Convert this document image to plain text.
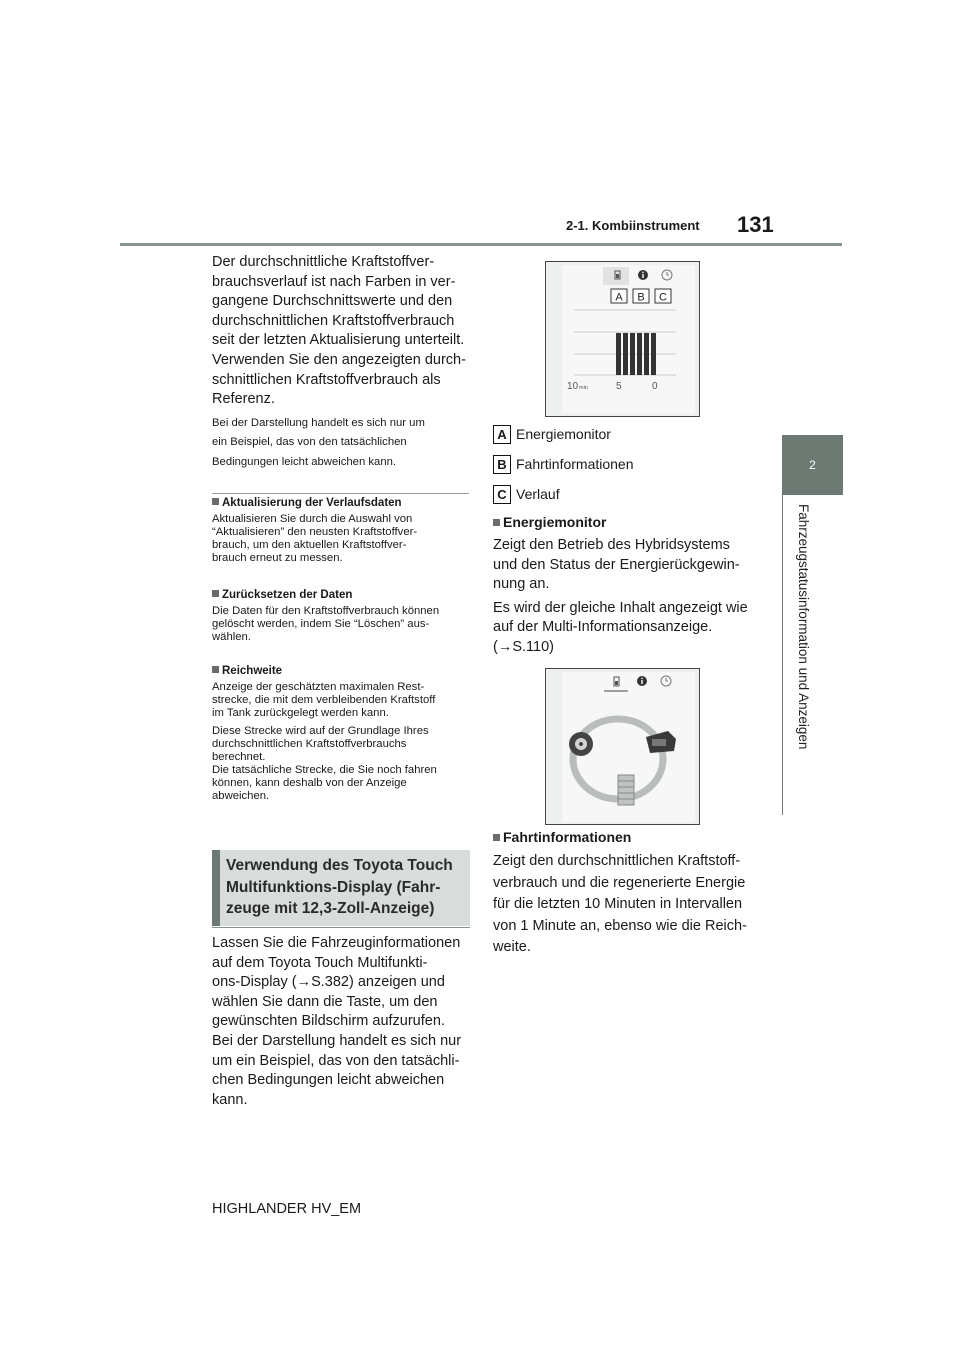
2-1. Kombiinstrument 131
2
Fahrzeugstatusinformation und Anzeigen

Der durchschnittliche Kraftstoffver-

brauchsverlauf ist nach Farben in ver-

gangene Durchschnittswerte und den

durchschnittlichen Kraftstoffverbrauch

seit der letzten Aktualisierung unterteilt.

Verwenden Sie den angezeigten durch-

schnittlichen Kraftstoffverbrauch als

Referenz.

Bei der Darstellung handelt es sich nur um

ein Beispiel, das von den tatsächlichen

Bedingungen leicht abweichen kann.

Aktualisierung der Verlaufsdaten

Aktualisieren Sie durch die Auswahl von
“Aktualisieren” den neusten Kraftstoffver-
brauch, um den aktuellen Kraftstoffver-
brauch erneut zu messen.

Zurücksetzen der Daten

Die Daten für den Kraftstoffverbrauch können
gelöscht werden, indem Sie “Löschen” aus-
wählen.

Reichweite

Anzeige der geschätzten maximalen Rest-
strecke, die mit dem verbleibenden Kraftstoff
im Tank zurückgelegt werden kann.
Diese Strecke wird auf der Grundlage Ihres
durchschnittlichen Kraftstoffverbrauchs
berechnet.
Die tatsächliche Strecke, die Sie noch fahren
können, kann deshalb von der Anzeige
abweichen.
Verwendung des Toyota Touch
Multifunktions-Display (Fahr-
zeuge mit 12,3-Zoll-Anzeige)

Lassen Sie die Fahrzeuginformationen

auf dem Toyota Touch Multifunkti-

ons-Display (→S.382) anzeigen und

wählen Sie dann die Taste, um den

gewünschten Bildschirm aufzurufen.

Bei der Darstellung handelt es sich nur

um ein Beispiel, das von den tatsächli-

chen Bedingungen leicht abweichen

kann.

A B C
10 min	5	0
A Energiemonitor
B Fahrtinformationen
C Verlauf
Energiemonitor

Zeigt den Betrieb des Hybridsystems
und den Status der Energierückgewin-
nung an.

Es wird der gleiche Inhalt angezeigt wie
auf der Multi-Informationsanzeige.
(→S.110)

Fahrtinformationen

Zeigt den durchschnittlichen Kraftstoff-

verbrauch und die regenerierte Energie

für die letzten 10 Minuten in Intervallen

von 1 Minute an, ebenso wie die Reich-

weite.

HIGHLANDER HV_EM
